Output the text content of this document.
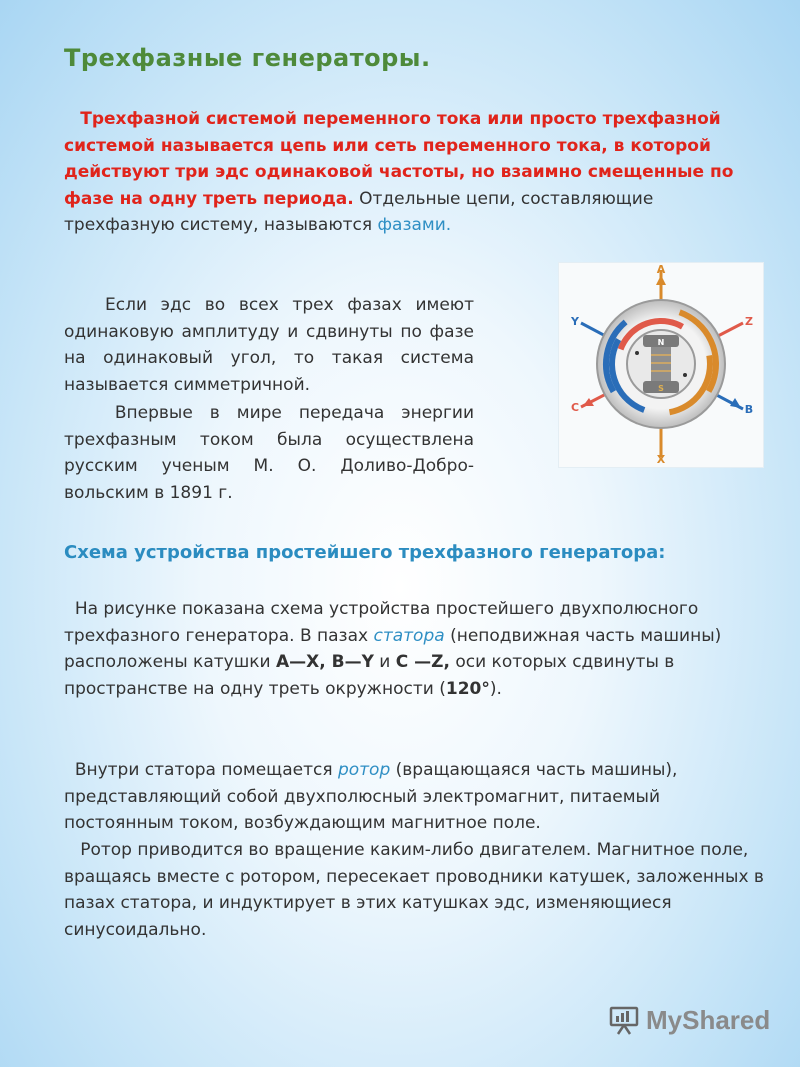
Трехфазные генераторы.

Трехфазной системой переменного тока или просто трехфазной системой называется цепь или сеть переменного тока, в которой действуют три эдс одинаковой частоты, но взаимно смещенные по фазе на одну треть периода. Отдельные цепи, составляющие трехфазную систему, называются фазами.

Если эдс во всех трех фазах имеют одинаковую амплитуду и сдвинуты по фазе на одинаковый угол, то такая система называется симметричной.

Впервые в мире передача энергии трехфазным током была осуществлена русским ученым М. О. Доливо-Добро-вольским в 1891 г.

A
X
Y
B
C
Z
N
S
Схема устройства простейшего трехфазного генератора:

На рисунке показана схема устройства простейшего двухполюсного трехфазного генератора. В пазах статора (неподвижная часть машины) расположены катушки А—Х, В—Y и С —Z, оси которых сдвинуты в пространстве на одну треть окружности (120°).

Внутри статора помещается ротор (вращающаяся часть машины), представляющий собой двухполюсный электромагнит, питаемый постоянным током, возбуждающим магнитное поле.

Ротор приводится во вращение каким-либо двигателем. Магнитное поле, вращаясь вместе с ротором, пересекает проводники катушек, заложенных в пазах статора, и индуктирует в этих катушках эдс, изменяющиеся синусоидально.

MyShared
